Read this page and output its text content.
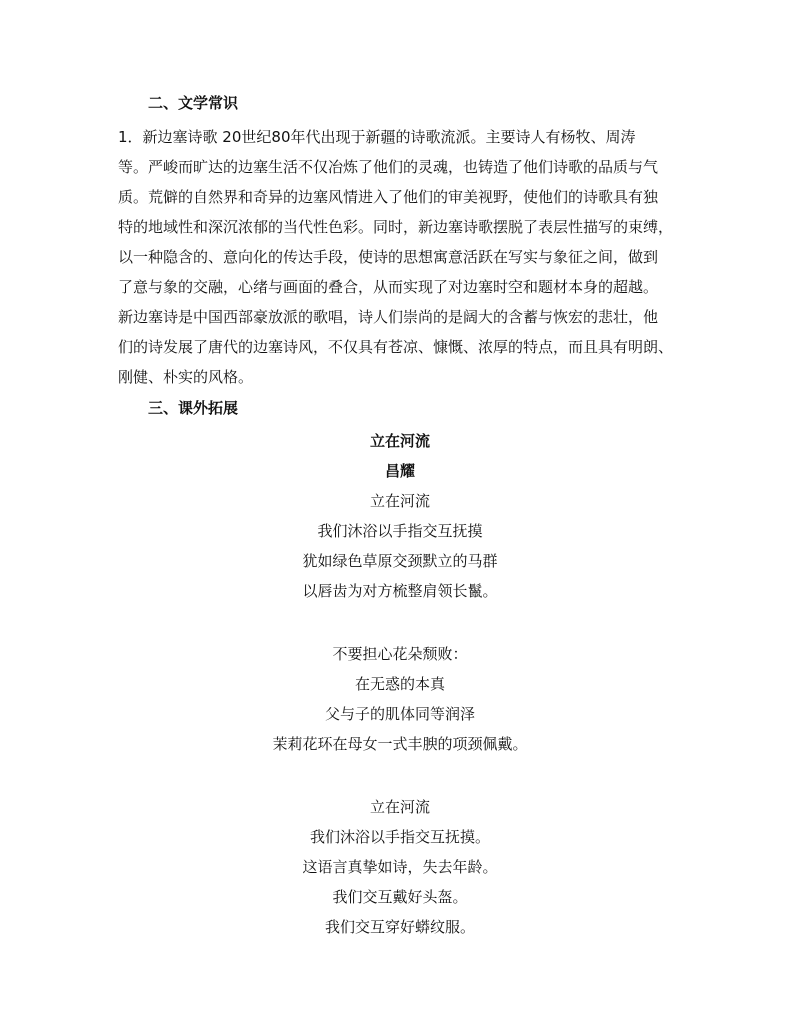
二、文学常识
1．新边塞诗歌 20世纪80年代出现于新疆的诗歌流派。主要诗人有杨牧、周涛
等。严峻而旷达的边塞生活不仅冶炼了他们的灵魂，也铸造了他们诗歌的品质与气
质。荒僻的自然界和奇异的边塞风情进入了他们的审美视野，使他们的诗歌具有独
特的地域性和深沉浓郁的当代性色彩。同时，新边塞诗歌摆脱了表层性描写的束缚，
以一种隐含的、意向化的传达手段，使诗的思想寓意活跃在写实与象征之间，做到
了意与象的交融，心绪与画面的叠合，从而实现了对边塞时空和题材本身的超越。
新边塞诗是中国西部豪放派的歌唱，诗人们崇尚的是阔大的含蓄与恢宏的悲壮，他
们的诗发展了唐代的边塞诗风，不仅具有苍凉、慷慨、浓厚的特点，而且具有明朗、
刚健、朴实的风格。
三、课外拓展
立在河流
昌耀
立在河流
我们沐浴以手指交互抚摸
犹如绿色草原交颈默立的马群
以唇齿为对方梳整肩领长鬣。
不要担心花朵颓败：
在无惑的本真
父与子的肌体同等润泽
茉莉花环在母女一式丰腴的项颈佩戴。
立在河流
我们沐浴以手指交互抚摸。
这语言真挚如诗，失去年龄。
我们交互戴好头盔。
我们交互穿好蟒纹服。
